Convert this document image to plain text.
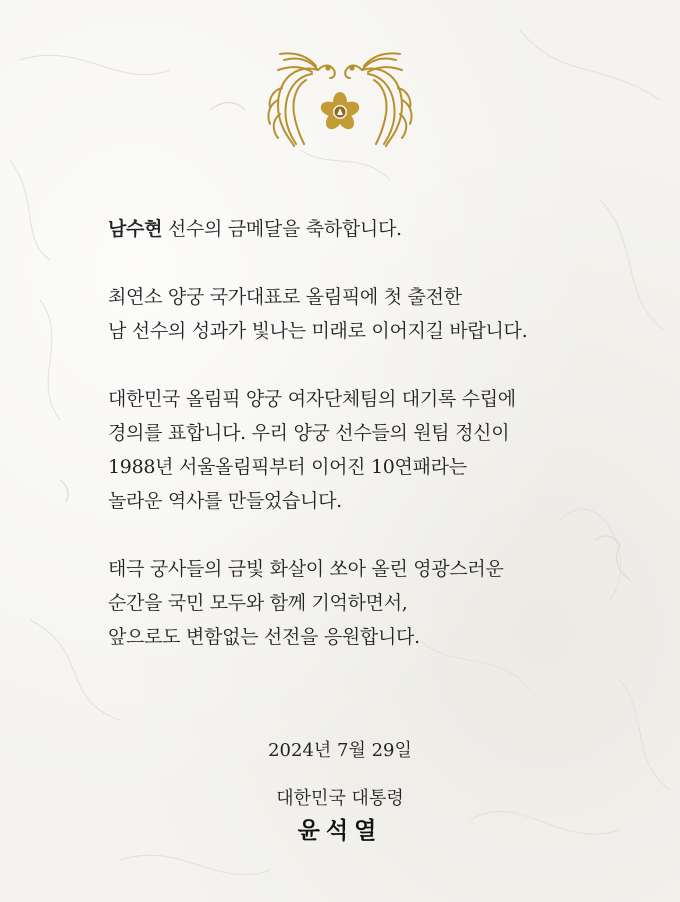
남수현 선수의 금메달을 축하합니다.

최연소 양궁 국가대표로 올림픽에 첫 출전한
남 선수의 성과가 빛나는 미래로 이어지길 바랍니다.

대한민국 올림픽 양궁 여자단체팀의 대기록 수립에
경의를 표합니다. 우리 양궁 선수들의 원팀 정신이
1988년 서울올림픽부터 이어진 10연패라는
놀라운 역사를 만들었습니다.

태극 궁사들의 금빛 화살이 쏘아 올린 영광스러운
순간을 국민 모두와 함께 기억하면서,
앞으로도 변함없는 선전을 응원합니다.

2024년 7월 29일
대한민국 대통령
윤석열
